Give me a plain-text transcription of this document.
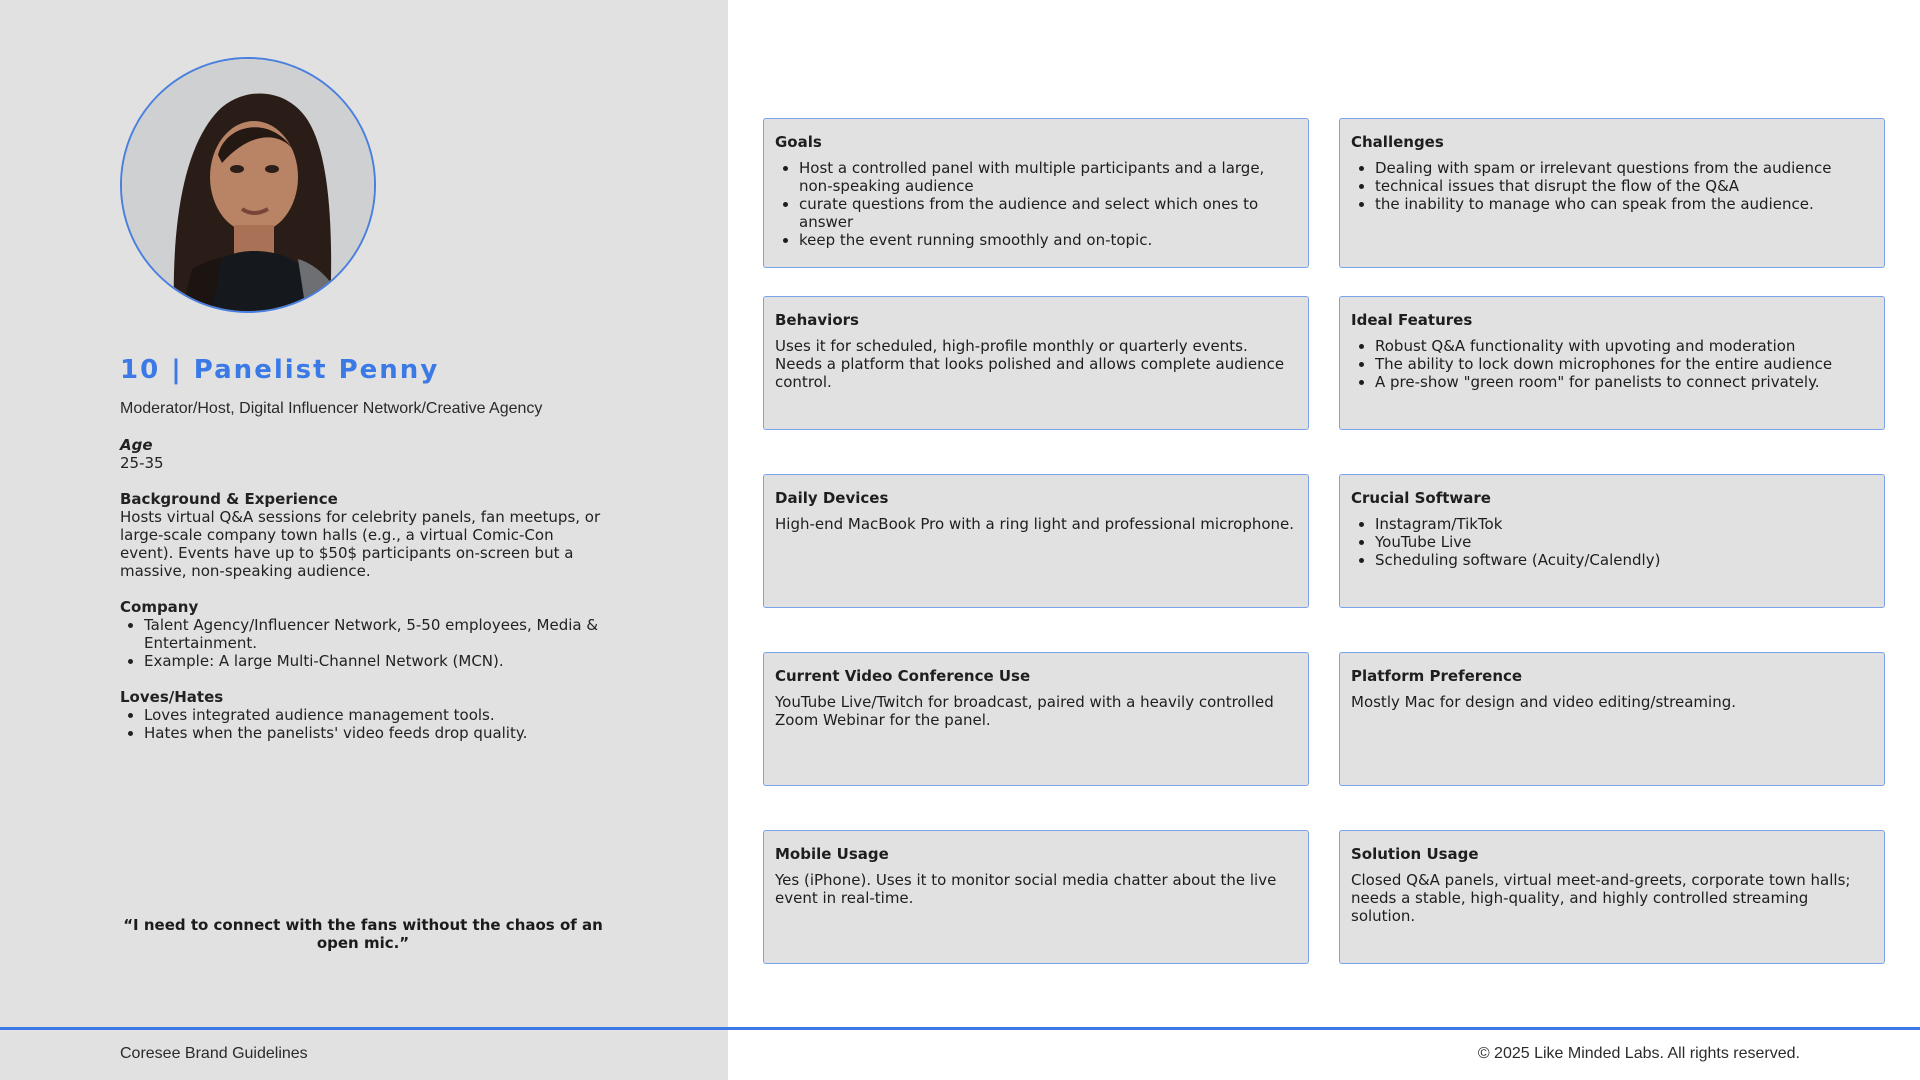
10 | Panelist Penny
Moderator/Host, Digital Influencer Network/Creative Agency
Age
25-35
Background & Experience
Hosts virtual Q&A sessions for celebrity panels, fan meetups, or large-scale company town halls (e.g., a virtual Comic-Con event). Events have up to $50$ participants on-screen but a massive, non-speaking audience.
Company
• Talent Agency/Influencer Network, 5-50 employees, Media & Entertainment.
• Example: A large Multi-Channel Network (MCN).
Loves/Hates
• Loves integrated audience management tools.
• Hates when the panelists' video feeds drop quality.
“I need to connect with the fans without the chaos of an open mic.”
Goals
• Host a controlled panel with multiple participants and a large, non-speaking audience
• curate questions from the audience and select which ones to answer
• keep the event running smoothly and on-topic.
Challenges
• Dealing with spam or irrelevant questions from the audience
• technical issues that disrupt the flow of the Q&A
• the inability to manage who can speak from the audience.
Behaviors

Uses it for scheduled, high-profile monthly or quarterly events. Needs a platform that looks polished and allows complete audience control.

Ideal Features
• Robust Q&A functionality with upvoting and moderation
• The ability to lock down microphones for the entire audience
• A pre-show "green room" for panelists to connect privately.
Daily Devices

High-end MacBook Pro with a ring light and professional microphone.

Crucial Software
• Instagram/TikTok
• YouTube Live
• Scheduling software (Acuity/Calendly)
Current Video Conference Use

YouTube Live/Twitch for broadcast, paired with a heavily controlled Zoom Webinar for the panel.

Platform Preference

Mostly Mac for design and video editing/streaming.

Mobile Usage

Yes (iPhone). Uses it to monitor social media chatter about the live event in real-time.

Solution Usage

Closed Q&A panels, virtual meet-and-greets, corporate town halls; needs a stable, high-quality, and highly controlled streaming solution.

Coresee Brand Guidelines	© 2025 Like Minded Labs. All rights reserved.
